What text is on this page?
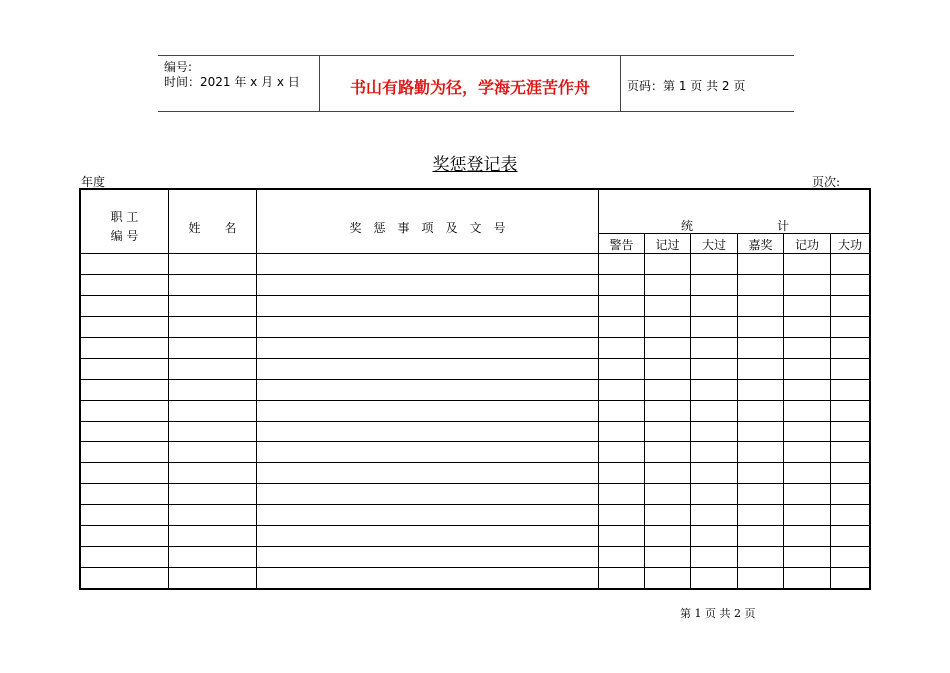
编号:
时间：2021 年 x 月 x 日	书山有路勤为径，学海无涯苦作舟	页码：第 1 页 共 2 页
奖惩登记表
年度	页次:
职 工
编 号
姓　　名	奖　惩　事　项　及　文　号	统　　　　　　　计
警告	记过	大过	嘉奖	记功	大功
第 1 页 共 2 页
